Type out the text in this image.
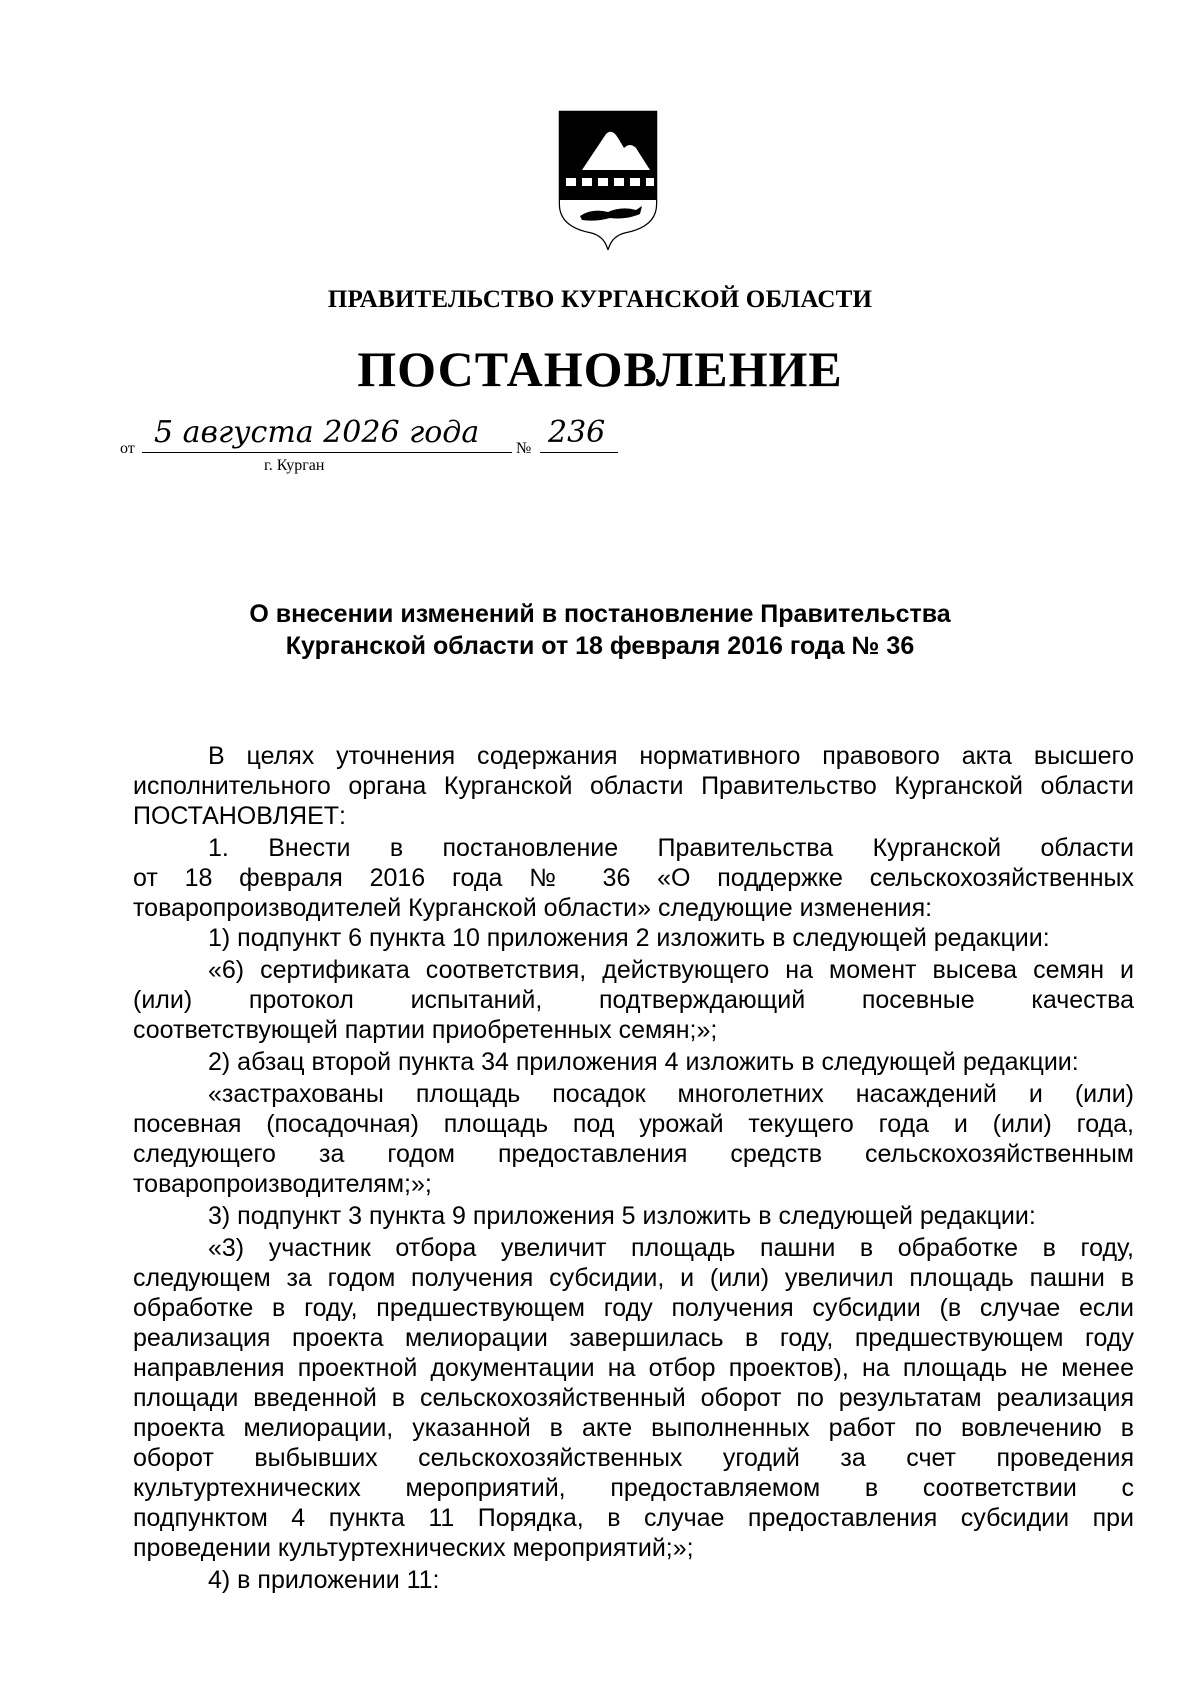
ПРАВИТЕЛЬСТВО КУРГАНСКОЙ ОБЛАСТИ
ПОСТАНОВЛЕНИЕ
от 5 августа 2026 года № 236
г. Курган
О внесении изменений в постановление Правительства
Курганской области от 18 февраля 2016 года № 36
В целях уточнения содержания нормативного правового акта высшего
исполнительного органа Курганской области Правительство Курганской области
ПОСТАНОВЛЯЕТ:
1. Внести в постановление Правительства Курганской области
от 18 февраля 2016 года № 36 «О поддержке сельскохозяйственных
товаропроизводителей Курганской области» следующие изменения:
1) подпункт 6 пункта 10 приложения 2 изложить в следующей редакции:
«6) сертификата соответствия, действующего на момент высева семян и
(или) протокол испытаний, подтверждающий посевные качества
соответствующей партии приобретенных семян;»;
2) абзац второй пункта 34 приложения 4 изложить в следующей редакции:
«застрахованы площадь посадок многолетних насаждений и (или)
посевная (посадочная) площадь под урожай текущего года и (или) года,
следующего за годом предоставления средств сельскохозяйственным
товаропроизводителям;»;
3) подпункт 3 пункта 9 приложения 5 изложить в следующей редакции:
«3) участник отбора увеличит площадь пашни в обработке в году,
следующем за годом получения субсидии, и (или) увеличил площадь пашни в
обработке в году, предшествующем году получения субсидии (в случае если
реализация проекта мелиорации завершилась в году, предшествующем году
направления проектной документации на отбор проектов), на площадь не менее
площади введенной в сельскохозяйственный оборот по результатам реализация
проекта мелиорации, указанной в акте выполненных работ по вовлечению в
оборот выбывших сельскохозяйственных угодий за счет проведения
культуртехнических мероприятий, предоставляемом в соответствии с
подпунктом 4 пункта 11 Порядка, в случае предоставления субсидии при
проведении культуртехнических мероприятий;»;
4) в приложении 11:
